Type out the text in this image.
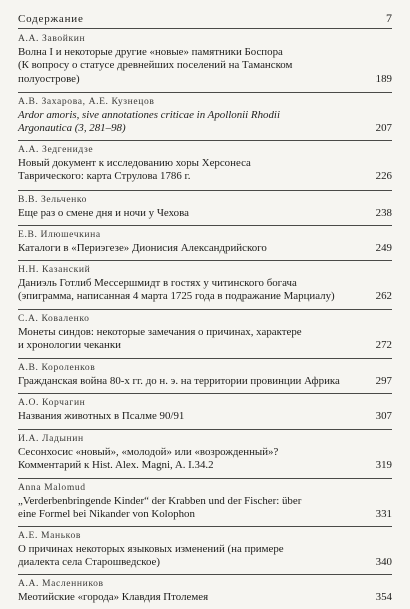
Содержание	7
А.А. Завойкин
Волна I и некоторые другие «новые» памятники Боспора
(К вопросу о статусе древнейших поселений на Таманском
полуострове)	189
А.В. Захарова, А.Е. Кузнецов
Ardor amoris, sive annotationes criticae in Apollonii Rhodii
Argonautica (3, 281–98)	207
А.А. Зедгенидзе
Новый документ к исследованию хоры Херсонеса
Таврического: карта Струлова 1786 г.	226
В.В. Зельченко
Еще раз о смене дня и ночи у Чехова	238
Е.В. Илюшечкина
Каталоги в «Периэгезе» Дионисия Александрийского	249
Н.Н. Казанский
Даниэль Готлиб Мессершмидт в гостях у читинского богача
(эпиграмма, написанная 4 марта 1725 года в подражание Марциалу)	262
С.А. Коваленко
Монеты синдов: некоторые замечания о причинах, характере
и хронологии чеканки	272
А.В. Короленков
Гражданская война 80-х гг. до н. э. на территории провинции Африка	297
А.О. Корчагин
Названия животных в Псалме 90/91	307
И.А. Ладынин
Сесонхосис «новый», «молодой» или «возрожденный»?
Комментарий к Hist. Alex. Magni, A. I.34.2	319
Anna Malomud
„Verderbenbringende Kinder“ der Krabben und der Fischer: über
eine Formel bei Nikander von Kolophon	331
А.Е. Маньков
О причинах некоторых языковых изменений (на примере
диалекта села Старошведское)	340
А.А. Масленников
Меотийские «города» Клавдия Птолемея	354
